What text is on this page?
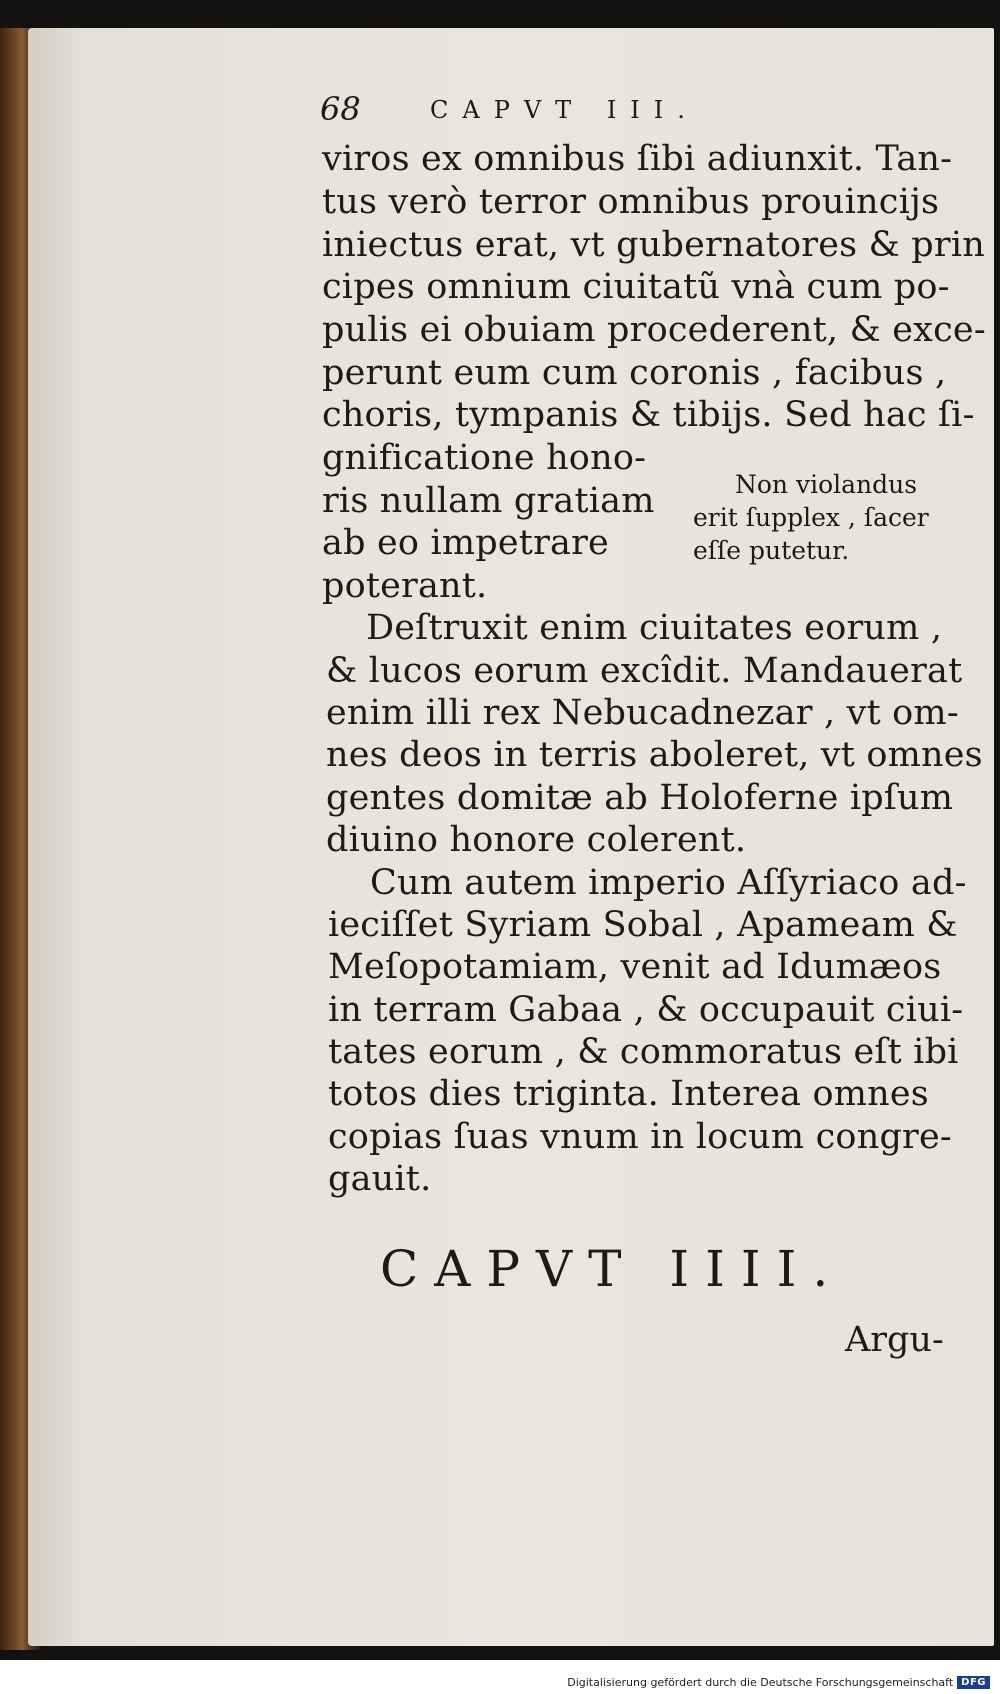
68	CAPVT III.
viros ex omnibus ſibi adiunxit. Tan-
tus verò terror omnibus prouincijs
iniectus erat, vt gubernatores & prin
cipes omnium ciuitatũ vnà cum po-
pulis ei obuiam procederent, & exce-
perunt eum cum coronis , facibus ,
choris, tympanis & tibijs. Sed hac ſi-
gnificatione hono-
ris nullam gratiam
ab eo impetrare
poterant.
Deſtruxit enim ciuitates eorum ,
& lucos eorum excîdit. Mandauerat
enim illi rex Nebucadnezar , vt om-
nes deos in terris aboleret, vt omnes
gentes domitæ ab Holoferne ipſum
diuino honore colerent.
Cum autem imperio Aſſyriaco ad-
ieciſſet Syriam Sobal , Apameam &
Meſopotamiam, venit ad Idumæos
in terram Gabaa , & occupauit ciui-
tates eorum , & commoratus eſt ibi
totos dies triginta. Interea omnes
copias ſuas vnum in locum congre-
gauit.
Non violandus
erit ſupplex , ſacer
eſſe putetur.
CAPVT IIII.
Argu-
Digitalisierung gefördert durch die Deutsche Forschungsgemeinschaft DFG
